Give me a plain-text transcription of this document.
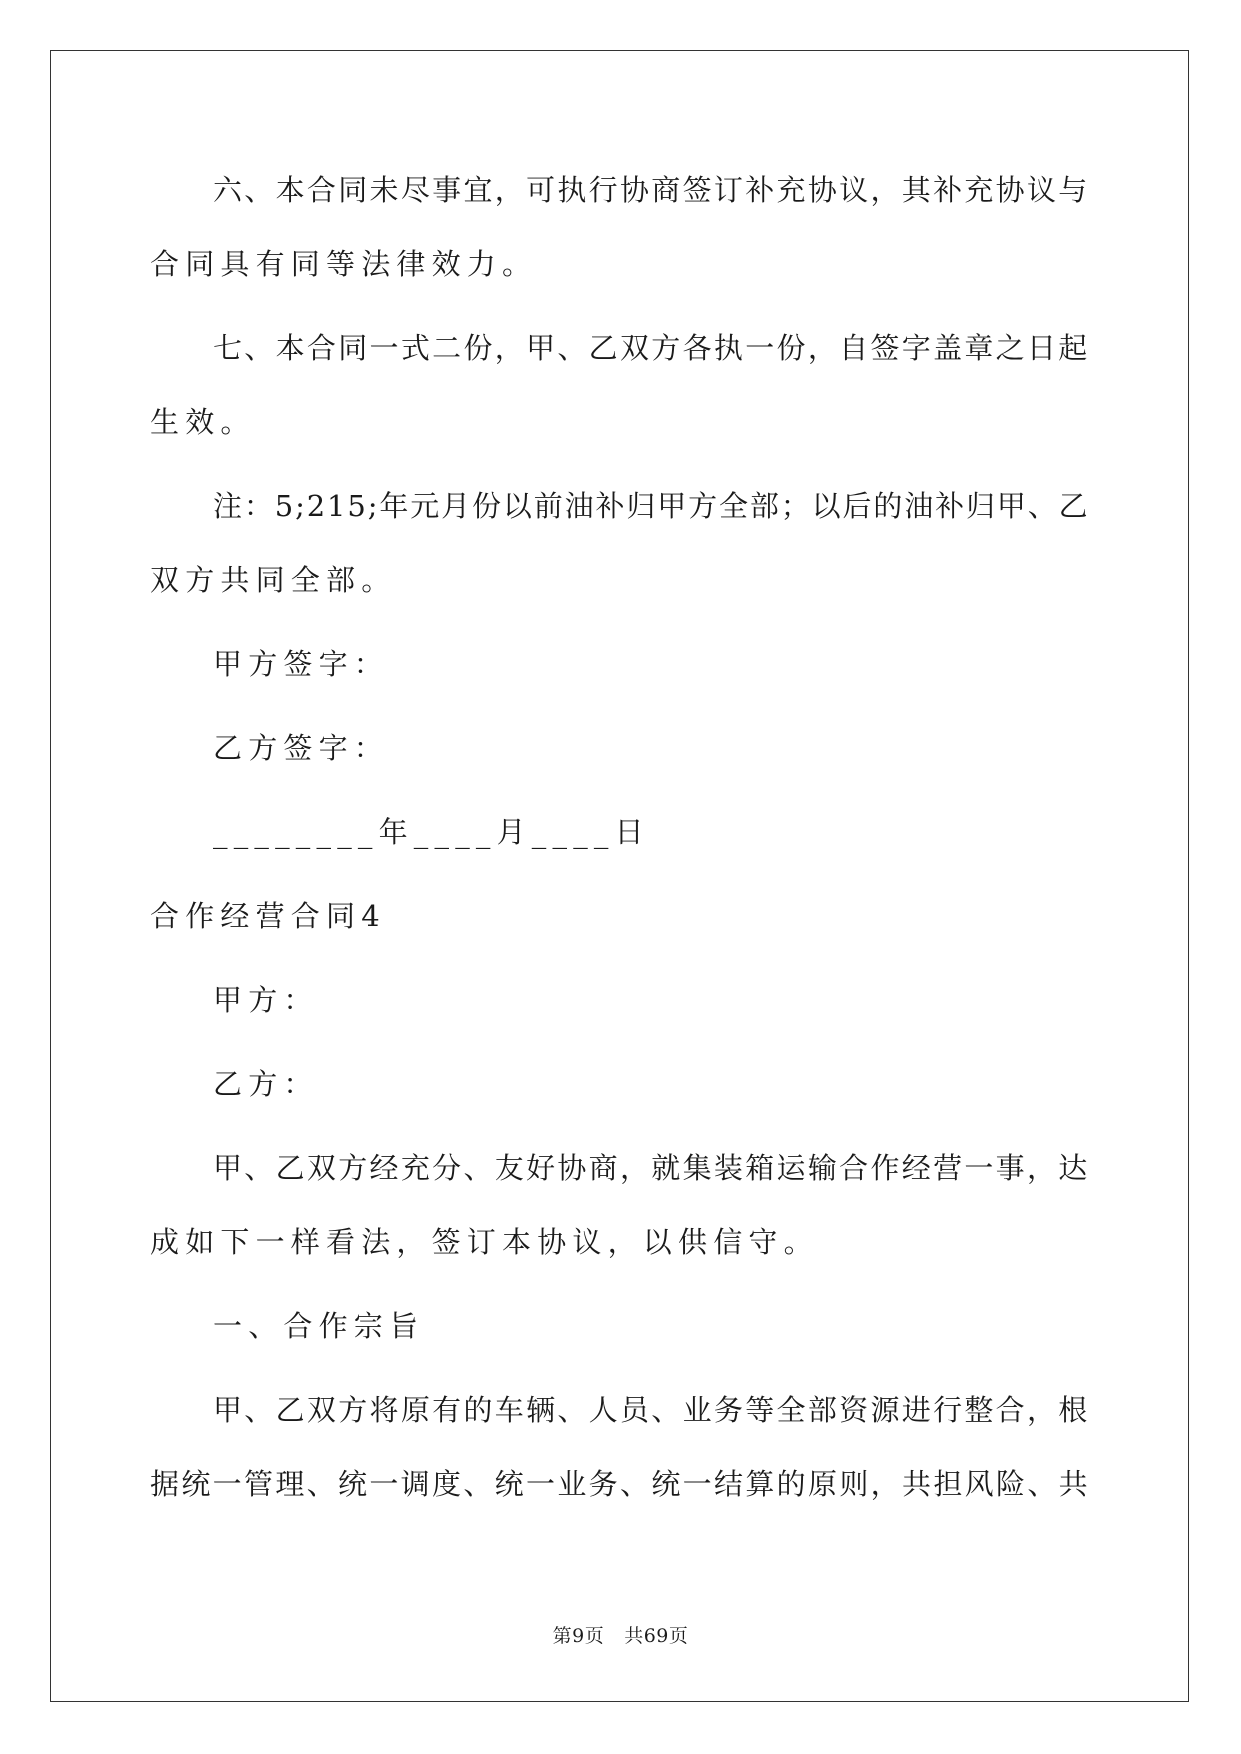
六、本合同未尽事宜，可执行协商签订补充协议，其补充协议与
合同具有同等法律效力。
七、本合同一式二份，甲、乙双方各执一份，自签字盖章之日起
生效。
注：5;215;年元月份以前油补归甲方全部；以后的油补归甲、乙
双方共同全部。
甲方签字：
乙方签字：
________年____月____日
合作经营合同4
甲方：
乙方：
甲、乙双方经充分、友好协商，就集装箱运输合作经营一事，达
成如下一样看法，签订本协议，以供信守。
一、合作宗旨
甲、乙双方将原有的车辆、人员、业务等全部资源进行整合，根
据统一管理、统一调度、统一业务、统一结算的原则，共担风险、共
第9页 共69页
